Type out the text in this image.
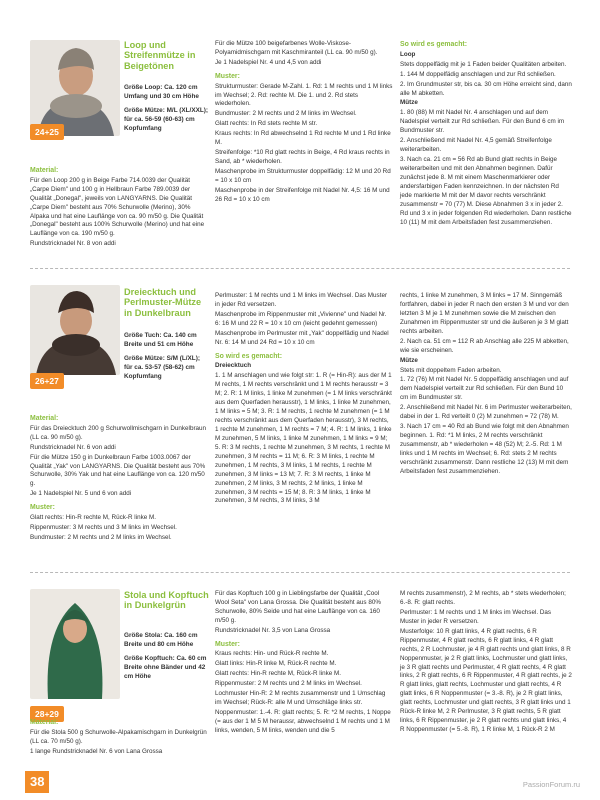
24+25
Loop und Streifenmütze in Beigetönen

Größe Loop: Ca. 120 cm Umfang und 30 cm Höhe

Größe Mütze: M/L (XL/XXL); für ca. 56-59 (60-63) cm Kopfumfang

Material:

Für den Loop 200 g in Beige Farbe 714.0039 der Qualität „Carpe Diem" und 100 g in Hellbraun Farbe 789.0039 der Qualität „Donegal", jeweils von LANGYARNS. Die Qualität „Carpe Diem" besteht aus 70% Schurwolle (Merino), 30% Alpaka und hat eine Lauflänge von ca. 90 m/50 g. Die Qualität „Donegal" besteht aus 100% Schurwolle (Merino) und hat eine Lauflänge von ca. 190 m/50 g.

Rundstricknadel Nr. 8 von addi

Für die Mütze 100 beigefarbenes Wolle-Viskose-Polyamidmischgarn mit Kaschmiranteil (LL ca. 90 m/50 g).

Je 1 Nadelspiel Nr. 4 und 4,5 von addi

Muster:

Strukturmuster: Gerade M-Zahl. 1. Rd: 1 M rechts und 1 M links im Wechsel; 2. Rd: rechte M. Die 1. und 2. Rd stets wiederholen.

Bundmuster: 2 M rechts und 2 M links im Wechsel.

Glatt rechts: In Rd stets rechte M str.

Kraus rechts: In Rd abwechselnd 1 Rd rechte M und 1 Rd linke M.

Streifenfolge: *10 Rd glatt rechts in Beige, 4 Rd kraus rechts in Sand, ab * wiederholen.

Maschenprobe im Strukturmuster doppelfädig: 12 M und 20 Rd = 10 x 10 cm

Maschenprobe in der Streifenfolge mit Nadel Nr. 4,5: 16 M und 26 Rd = 10 x 10 cm

So wird es gemacht:

Loop

Stets doppelfädig mit je 1 Faden beider Qualitäten arbeiten.

1. 144 M doppelfädig anschlagen und zur Rd schließen.

2. Im Grundmuster str, bis ca. 30 cm Höhe erreicht sind, dann alle M abketten.

Mütze

1. 80 (88) M mit Nadel Nr. 4 anschlagen und auf dem Nadelspiel verteilt zur Rd schließen. Für den Bund 6 cm im Bundmuster str.

2. Anschließend mit Nadel Nr. 4,5 gemäß Streifenfolge weiterarbeiten.

3. Nach ca. 21 cm = 56 Rd ab Bund glatt rechts in Beige weiterarbeiten und mit den Abnahmen beginnen. Dafür zunächst jede 8. M mit einem Maschenmarkierer oder andersfarbigen Faden kennzeichnen. In der nächsten Rd jede markierte M mit der M davor rechts verschränkt zusammenstr = 70 (77) M. Diese Abnahmen 3 x in jeder 2. Rd und 3 x in jeder folgenden Rd wiederholen. Dann restliche 10 (11) M mit dem Arbeitsfaden fest zusammenziehen.

26+27
Dreiecktuch und Perlmuster-Mütze in Dunkelbraun

Größe Tuch: Ca. 140 cm Breite und 51 cm Höhe

Größe Mütze: S/M (L/XL); für ca. 53-57 (58-62) cm Kopfumfang

Material:

Für das Dreiecktuch 200 g Schurwollmischgarn in Dunkelbraun (LL ca. 90 m/50 g).

Rundstricknadel Nr. 6 von addi

Für die Mütze 150 g in Dunkelbraun Farbe 1003.0067 der Qualität „Yak" von LANGYARNS. Die Qualität besteht aus 70% Schurwolle, 30% Yak und hat eine Lauflänge von ca. 120 m/50 g.

Je 1 Nadelspiel Nr. 5 und 6 von addi

Muster:

Glatt rechts: Hin-R rechte M, Rück-R linke M.

Rippenmuster: 3 M rechts und 3 M links im Wechsel.

Bundmuster: 2 M rechts und 2 M links im Wechsel.

Perlmuster: 1 M rechts und 1 M links im Wechsel. Das Muster in jeder Rd versetzen.

Maschenprobe im Rippenmuster mit „Vivienne" und Nadel Nr. 6: 16 M und 22 R = 10 x 10 cm (leicht gedehnt gemessen)

Maschenprobe im Perlmuster mit „Yak" doppelfädig und Nadel Nr. 6: 14 M und 24 Rd = 10 x 10 cm

So wird es gemacht:

Dreiecktuch

1. 1 M anschlagen und wie folgt str: 1. R (= Hin-R): aus der M 1 M rechts, 1 M rechts verschränkt und 1 M rechts herausstr = 3 M; 2. R: 1 M links, 1 linke M zunehmen (= 1 M links verschränkt aus dem Querfaden herausstr), 1 M links, 1 linke M zunehmen, 1 M links = 5 M; 3. R: 1 M rechts, 1 rechte M zunehmen (= 1 M rechts verschränkt aus dem Querfaden herausstr), 3 M rechts, 1 rechte M zunehmen, 1 M rechts = 7 M; 4. R: 1 M links, 1 linke M zunehmen, 5 M links, 1 linke M zunehmen, 1 M links = 9 M; 5. R: 3 M rechts, 1 rechte M zunehmen, 3 M rechts, 1 rechte M zunehmen, 3 M rechts = 11 M; 6. R: 3 M links, 1 rechte M zunehmen, 1 M rechts, 3 M links, 1 M rechts, 1 rechte M zunehmen, 3 M links = 13 M; 7. R: 3 M rechts, 1 linke M zunehmen, 2 M links, 3 M rechts, 2 M links, 1 linke M zunehmen, 3 M rechts = 15 M; 8. R: 3 M links, 1 linke M zunehmen, 3 M rechts, 3 M links, 3 M

rechts, 1 linke M zunehmen, 3 M links = 17 M. Sinngemäß fortfahren, dabei in jeder R nach den ersten 3 M und vor den letzten 3 M je 1 M zunehmen sowie die M zwischen den Zunahmen im Rippenmuster str und die äußeren je 3 M glatt rechts arbeiten.

2. Nach ca. 51 cm = 112 R ab Anschlag alle 225 M abketten, wie sie erscheinen.

Mütze

Stets mit doppeltem Faden arbeiten.

1. 72 (76) M mit Nadel Nr. 5 doppelfädig anschlagen und auf dem Nadelspiel verteilt zur Rd schließen. Für den Bund 10 cm im Bundmuster str.

2. Anschließend mit Nadel Nr. 6 im Perlmuster weiterarbeiten, dabei in der 1. Rd verteilt 0 (2) M zunehmen = 72 (78) M.

3. Nach 17 cm = 40 Rd ab Bund wie folgt mit den Abnahmen beginnen. 1. Rd: *1 M links, 2 M rechts verschränkt zusammenstr, ab * wiederholen = 48 (52) M; 2.-5. Rd: 1 M links und 1 M rechts im Wechsel; 6. Rd: stets 2 M rechts verschränkt zusammenstr. Dann restliche 12 (13) M mit dem Arbeitsfaden fest zusammenziehen.

28+29
Stola und Kopftuch in Dunkelgrün

Größe Stola: Ca. 160 cm Breite und 80 cm Höhe

Größe Kopftuch: Ca. 60 cm Breite ohne Bänder und 42 cm Höhe

Material:

Für die Stola 500 g Schurwolle-Alpakamischgarn in Dunkelgrün (LL ca. 70 m/50 g).

1 lange Rundstricknadel Nr. 6 von Lana Grossa

Für das Kopftuch 100 g in Lieblingsfarbe der Qualität „Cool Wool Seta" von Lana Grossa. Die Qualität besteht aus 80% Schurwolle, 80% Seide und hat eine Lauflänge von ca. 160 m/50 g.

Rundstricknadel Nr. 3,5 von Lana Grossa

Muster:

Kraus rechts: Hin- und Rück-R rechte M.

Glatt links: Hin-R linke M, Rück-R rechte M.

Glatt rechts: Hin-R rechte M, Rück-R linke M.

Rippenmuster: 2 M rechts und 2 M links im Wechsel.

Lochmuster Hin-R: 2 M rechts zusammenstr und 1 Umschlag im Wechsel; Rück-R: alle M und Umschläge links str.

Noppenmuster: 1.-4. R: glatt rechts; 5. R: *2 M rechts, 1 Noppe (= aus der 1 M 5 M heraussr, abwechselnd 1 M rechts und 1 M links, wenden, 5 M links, wenden und die 5

M rechts zusammenstr), 2 M rechts, ab * stets wiederholen; 6.-8. R: glatt rechts.

Perlmuster: 1 M rechts und 1 M links im Wechsel. Das Muster in jeder R versetzen.

Musterfolge: 10 R glatt links, 4 R glatt rechts, 6 R Rippenmuster, 4 R glatt rechts, 6 R glatt links, 4 R glatt rechts, 2 R Lochmuster, je 4 R glatt rechts und glatt links, 8 R Noppenmuster, je 2 R glatt links, Lochmuster und glatt links, je 3 R glatt rechts und Perlmuster, 4 R glatt rechts, 4 R glatt links, 2 R glatt rechts, 6 R Rippenmuster, 4 R glatt rechts, je 2 R glatt links, glatt rechts, Lochmuster und glatt rechts, 4 R glatt links, 6 R Noppenmuster (= 3.-8. R), je 2 R glatt links, glatt rechts, Lochmuster und glatt rechts, 3 R glatt links und 1 Rück-R linke M, 2 R Perlmuster, 3 R glatt rechts, 5 R glatt links, 6 R Rippenmuster, je 2 R glatt rechts und glatt links, 4 R Noppenmuster (= 5.-8. R), 1 R linke M, 1 Rück-R 2 M

38	PassionForum.ru
